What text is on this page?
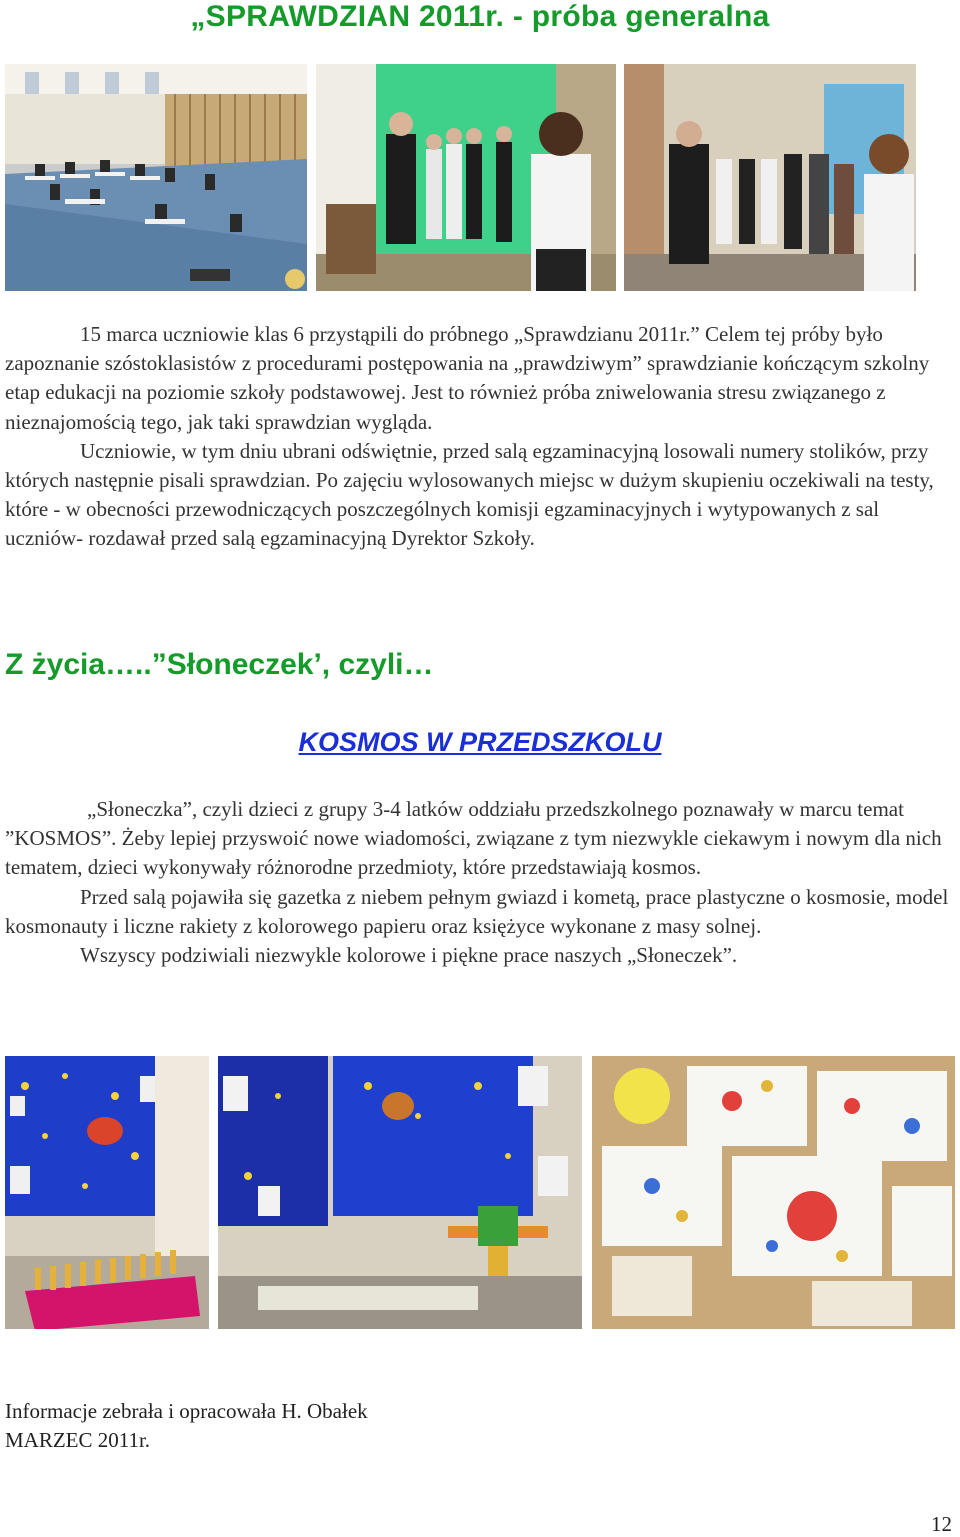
„SPRAWDZIAN 2011r. - próba generalna

15 marca uczniowie klas 6 przystąpili do próbnego „Sprawdzianu 2011r.” Celem tej próby było zapoznanie szóstoklasistów z procedurami postępowania na „prawdziwym” sprawdzianie kończącym szkolny etap edukacji na poziomie szkoły podstawowej. Jest to również próba zniwelowania stresu związanego z nieznajomością tego, jak taki sprawdzian wygląda.

Uczniowie, w tym dniu ubrani odświętnie, przed salą egzaminacyjną losowali numery stolików, przy których następnie pisali sprawdzian. Po zajęciu wylosowanych miejsc w dużym skupieniu oczekiwali na testy, które - w obecności przewodniczących poszczególnych komisji egzaminacyjnych i wytypowanych z sal uczniów- rozdawał przed salą egzaminacyjną Dyrektor Szkoły.

Z życia…..”Słoneczek’, czyli…
KOSMOS W PRZEDSZKOLU

„Słoneczka”, czyli dzieci z grupy 3-4 latków oddziału przedszkolnego poznawały w marcu temat ”KOSMOS”. Żeby lepiej przyswoić nowe wiadomości, związane z tym niezwykle ciekawym i nowym dla nich tematem, dzieci wykonywały różnorodne przedmioty, które przedstawiają kosmos.

Przed salą pojawiła się gazetka z niebem pełnym gwiazd i kometą, prace plastyczne o kosmosie, model kosmonauty i liczne rakiety z kolorowego papieru oraz księżyce wykonane z masy solnej.

Wszyscy podziwiali niezwykle kolorowe i piękne prace naszych „Słoneczek”.

Informacje zebrała i opracowała H. Obałek
MARZEC 2011r.
12
